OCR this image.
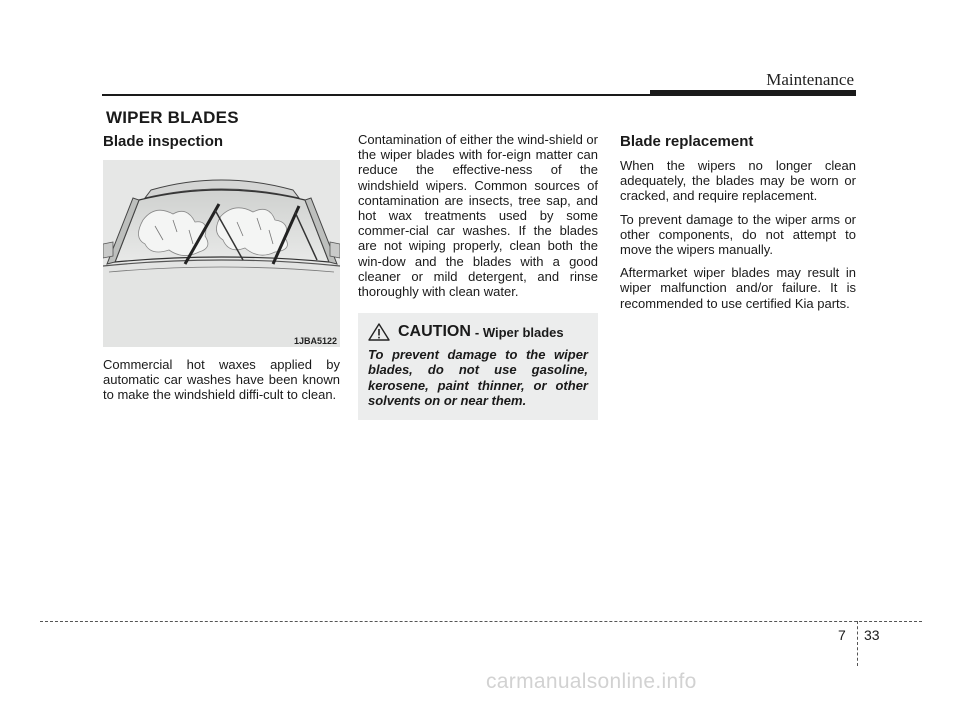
Maintenance
WIPER BLADES
Blade inspection
1JBA5122

Commercial hot waxes applied by automatic car washes have been known to make the windshield diffi-cult to clean.

Contamination of either the wind-shield or the wiper blades with for-eign matter can reduce the effective-ness of the windshield wipers. Common sources of contamination are insects, tree sap, and hot wax treatments used by some commer-cial car washes. If the blades are not wiping properly, clean both the win-dow and the blades with a good cleaner or mild detergent, and rinse thoroughly with clean water.

CAUTION - Wiper blades

To prevent damage to the wiper blades, do not use gasoline, kerosene, paint thinner, or other solvents on or near them.

Blade replacement

When the wipers no longer clean adequately, the blades may be worn or cracked, and require replacement.

To prevent damage to the wiper arms or other components, do not attempt to move the wipers manually.

Aftermarket wiper blades may result in wiper malfunction and/or failure. It is recommended to use certified Kia parts.

7 33
carmanualsonline.info
